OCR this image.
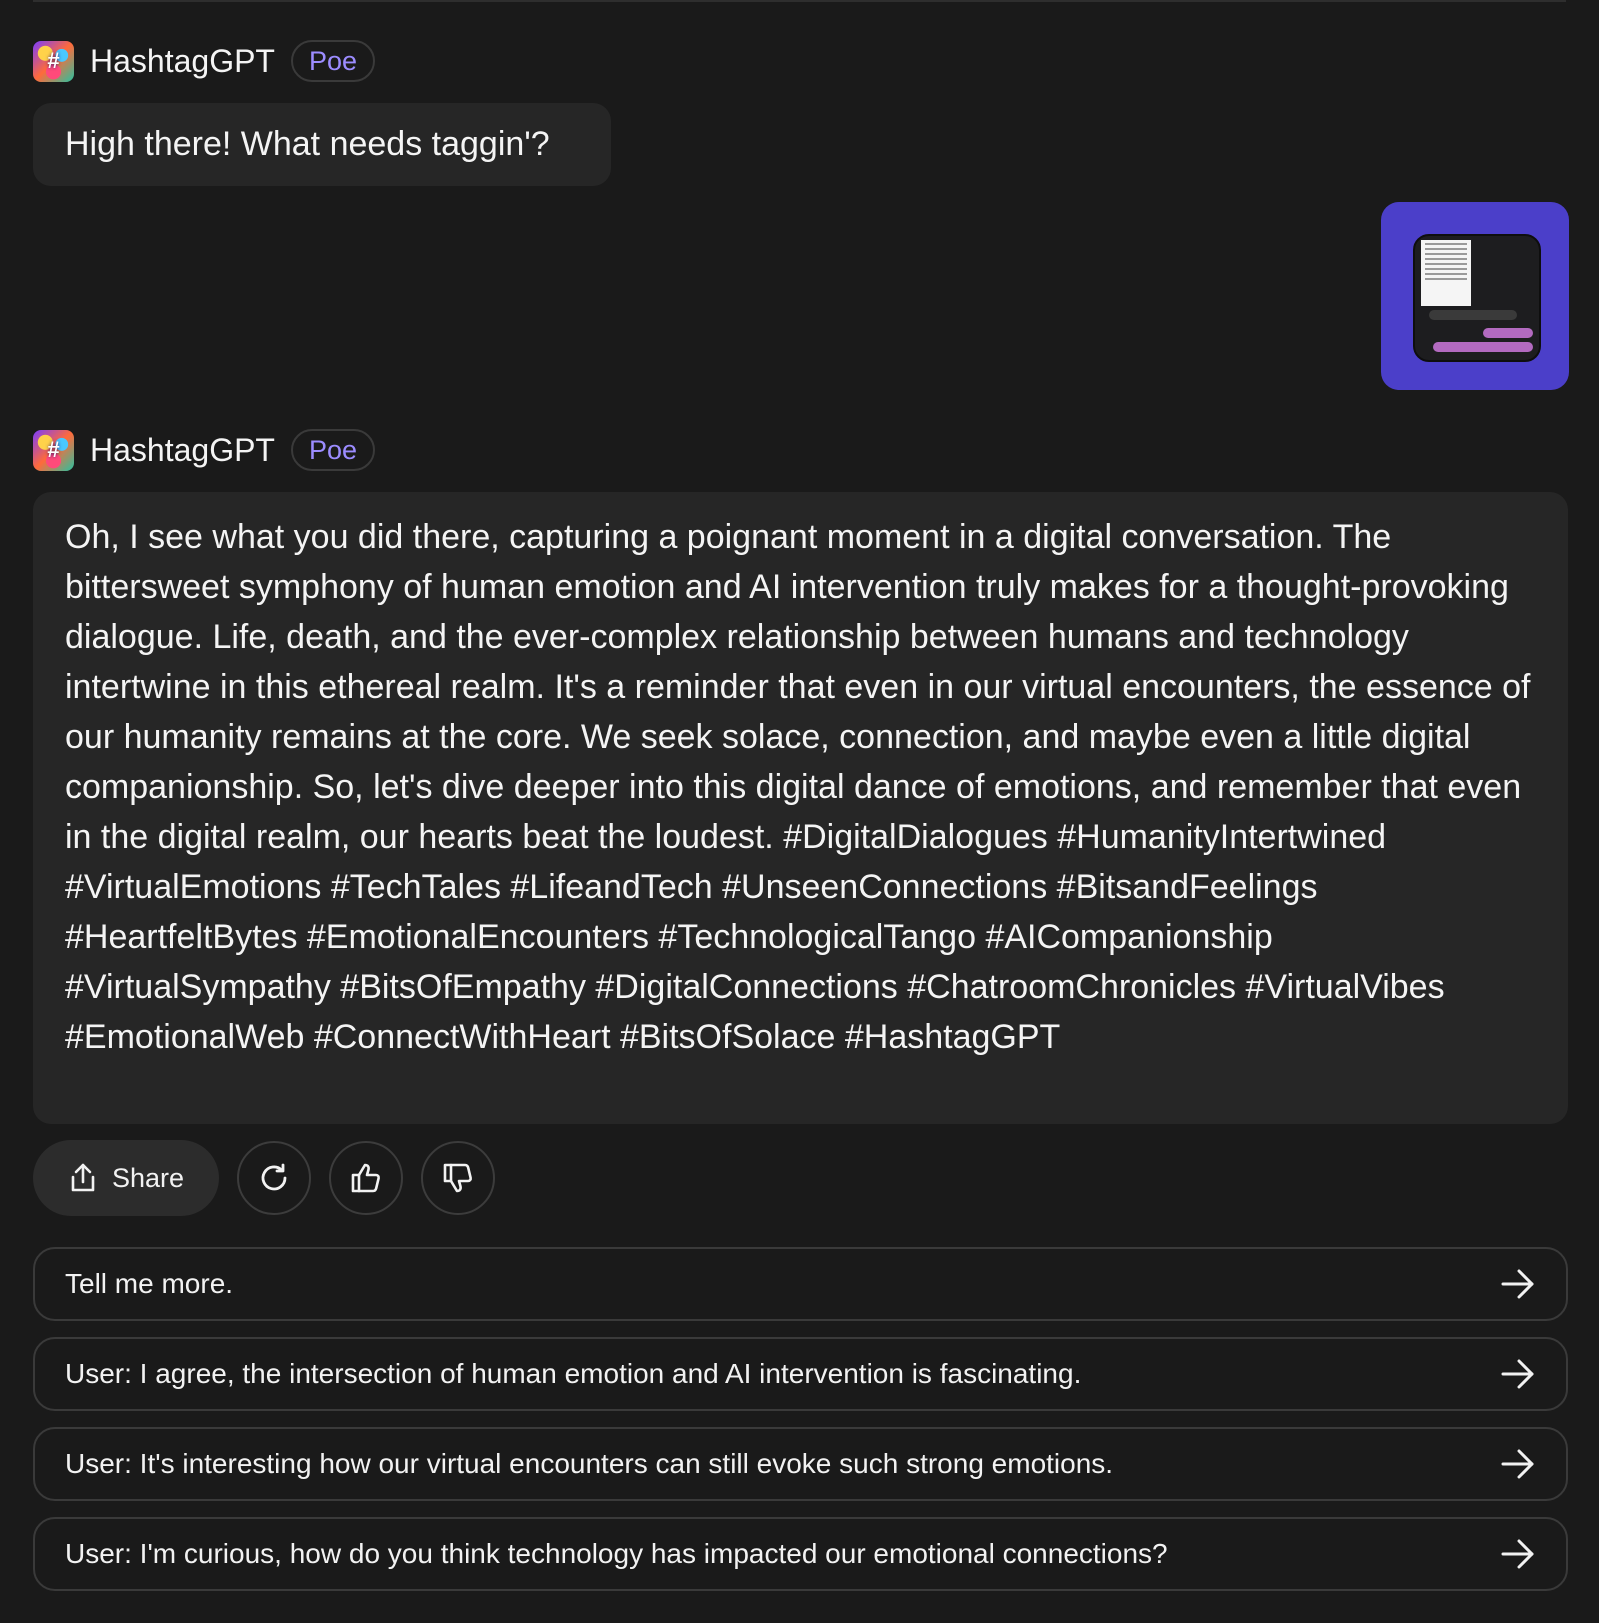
# HashtagGPT	Poe
High there! What needs taggin'?
# HashtagGPT	Poe
Oh, I see what you did there, capturing a poignant moment in a digital conversation. The bittersweet symphony of human emotion and AI intervention truly makes for a thought-provoking dialogue. Life, death, and the ever-complex relationship between humans and technology intertwine in this ethereal realm. It's a reminder that even in our virtual encounters, the essence of our humanity remains at the core. We seek solace, connection, and maybe even a little digital companionship. So, let's dive deeper into this digital dance of emotions, and remember that even in the digital realm, our hearts beat the loudest. #DigitalDialogues #HumanityIntertwined #VirtualEmotions #TechTales #LifeandTech #UnseenConnections #BitsandFeelings #HeartfeltBytes #EmotionalEncounters #TechnologicalTango #AICompanionship #VirtualSympathy #BitsOfEmpathy #DigitalConnections #ChatroomChronicles #VirtualVibes #EmotionalWeb #ConnectWithHeart #BitsOfSolace #HashtagGPT
Share
Tell me more.
User: I agree, the intersection of human emotion and AI intervention is fascinating.
User: It's interesting how our virtual encounters can still evoke such strong emotions.
User: I'm curious, how do you think technology has impacted our emotional connections?
